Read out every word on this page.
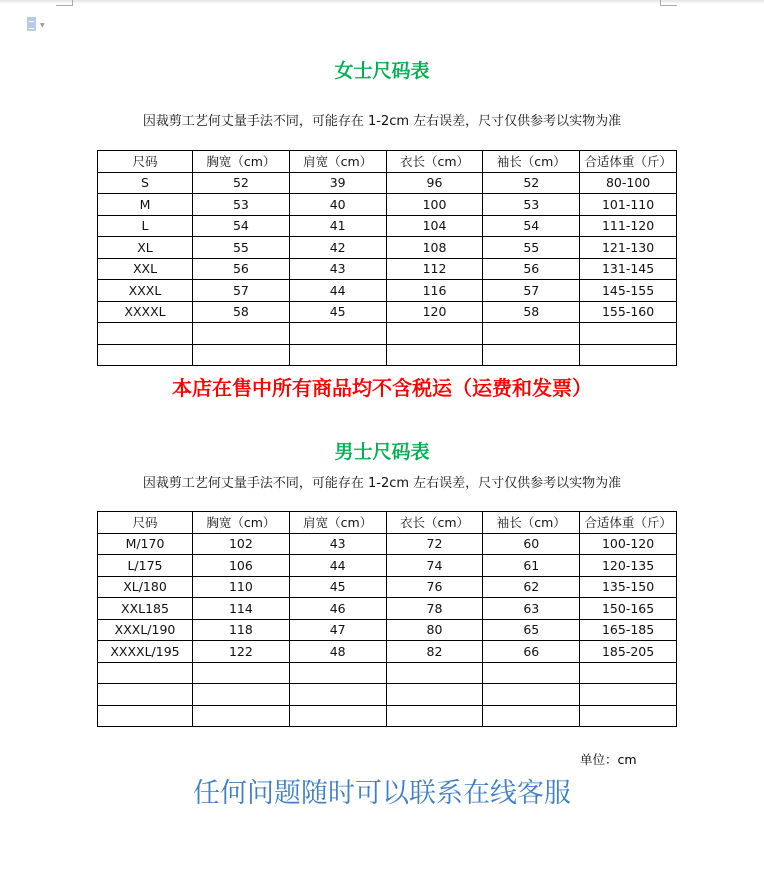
▼
女士尺码表
因裁剪工艺何丈量手法不同，可能存在 1-2cm 左右误差，尺寸仅供参考以实物为准
尺码	胸宽（cm）	肩宽（cm）	衣长（cm）	袖长（cm）	合适体重（斤）
S	52	39	96	52	80-100
M	53	40	100	53	101-110
L	54	41	104	54	111-120
XL	55	42	108	55	121-130
XXL	56	43	112	56	131-145
XXXL	57	44	116	57	145-155
XXXXL	58	45	120	58	155-160

本店在售中所有商品均不含税运（运费和发票）
男士尺码表
因裁剪工艺何丈量手法不同，可能存在 1-2cm 左右误差，尺寸仅供参考以实物为准
尺码	胸宽（cm）	肩宽（cm）	衣长（cm）	袖长（cm）	合适体重（斤）
M/170	102	43	72	60	100-120
L/175	106	44	74	61	120-135
XL/180	110	45	76	62	135-150
XXL185	114	46	78	63	150-165
XXXL/190	118	47	80	65	165-185
XXXXL/195	122	48	82	66	185-205

单位：cm
任何问题随时可以联系在线客服
